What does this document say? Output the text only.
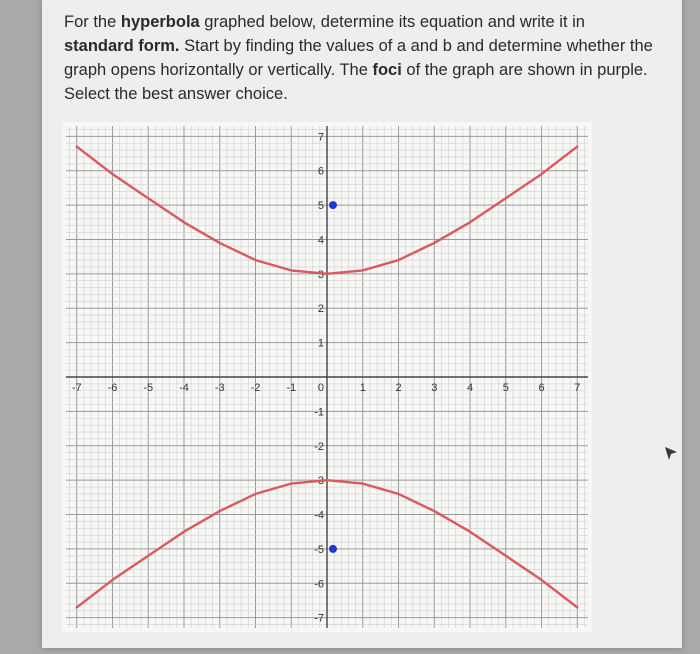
For the hyperbola graphed below, determine its equation and write it in
standard form. Start by finding the values of a and b and determine whether the graph opens horizontally or vertically. The foci of the graph are shown in purple. Select the best answer choice.
-7 -6 -5 -4 -3 -2 -1	1	2	3	4	5	6	7
7
6
5
4
3
2
1
-1
-2
-3
-4
-5
-6
-7
0
